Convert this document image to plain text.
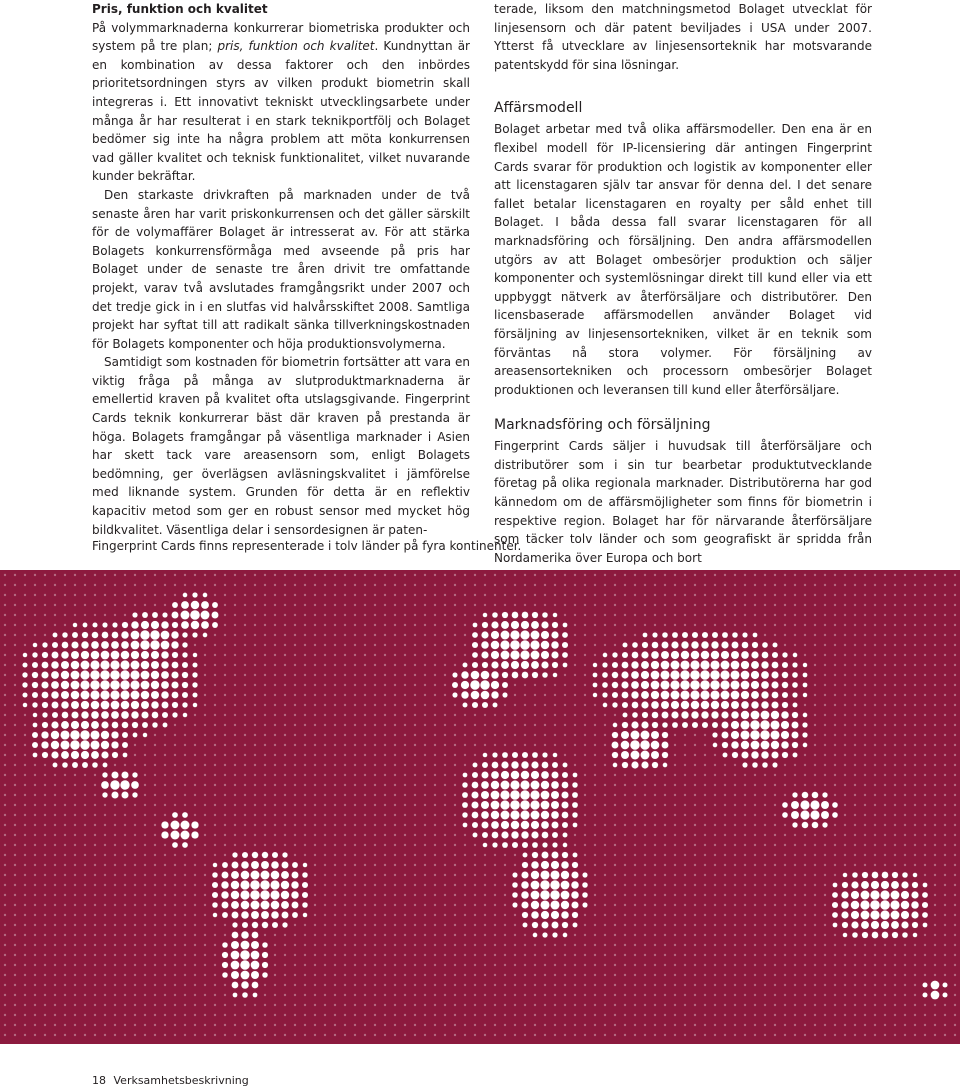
Pris, funktion och kvalitet

På volymmarknaderna konkurrerar biometriska produkter och system på tre plan; pris, funktion och kvalitet. Kundnyttan är en kombination av dessa faktorer och den inbördes prioritetsordningen styrs av vilken produkt biometrin skall integreras i. Ett innovativt tekniskt utvecklingsarbete under många år har resulterat i en stark teknikportfölj och Bolaget bedömer sig inte ha några problem att möta konkurrensen vad gäller kvalitet och teknisk funktionalitet, vilket nuvarande kunder bekräftar.

Den starkaste drivkraften på marknaden under de två senaste åren har varit priskonkurrensen och det gäller särskilt för de volymaffärer Bolaget är intresserat av. För att stärka Bolagets konkurrensförmåga med avseende på pris har Bolaget under de senaste tre åren drivit tre omfattande projekt, varav två avslutades framgångsrikt under 2007 och det tredje gick in i en slutfas vid halvårsskiftet 2008. Samtliga projekt har syftat till att radikalt sänka tillverkningskostnaden för Bolagets komponenter och höja produktionsvolymerna.

Samtidigt som kostnaden för biometrin fortsätter att vara en viktig fråga på många av slutproduktmarknaderna är emellertid kraven på kvalitet ofta utslagsgivande. Fingerprint Cards teknik konkurrerar bäst där kraven på prestanda är höga. Bolagets framgångar på väsentliga marknader i Asien har skett tack vare areasensorn som, enligt Bolagets bedömning, ger överlägsen avläsningskvalitet i jämförelse med liknande system. Grunden för detta är en reflektiv kapacitiv metod som ger en robust sensor med mycket hög bildkvalitet. Väsentliga delar i sensordesignen är paten-

terade, liksom den matchningsmetod Bolaget utvecklat för linjesensorn och där patent beviljades i USA under 2007. Ytterst få utvecklare av linjesensorteknik har motsvarande patentskydd för sina lösningar.

Affärsmodell

Bolaget arbetar med två olika affärsmodeller. Den ena är en flexibel modell för IP-licensiering där antingen Fingerprint Cards svarar för produktion och logistik av komponenter eller att licenstagaren själv tar ansvar för denna del. I det senare fallet betalar licenstagaren en royalty per såld enhet till Bolaget. I båda dessa fall svarar licenstagaren för all marknadsföring och försäljning. Den andra affärsmodellen utgörs av att Bolaget ombesörjer produktion och säljer komponenter och systemlösningar direkt till kund eller via ett uppbyggt nätverk av återförsäljare och distributörer. Den licensbaserade affärsmodellen använder Bolaget vid försäljning av linjesensortekniken, vilket är en teknik som förväntas nå stora volymer. För försäljning av areasensortekniken och processorn ombesörjer Bolaget produktionen och leveransen till kund eller återförsäljare.

Marknadsföring och försäljning

Fingerprint Cards säljer i huvudsak till återförsäljare och distributörer som i sin tur bearbetar produktutvecklande företag på olika regionala marknader. Distributörerna har god kännedom om de affärsmöjligheter som finns för biometrin i respektive region. Bolaget har för närvarande återförsäljare som täcker tolv länder och som geografiskt är spridda från Nordamerika över Europa och bort

Fingerprint Cards finns representerade i tolv länder på fyra kontinenter.
18 Verksamhetsbeskrivning
